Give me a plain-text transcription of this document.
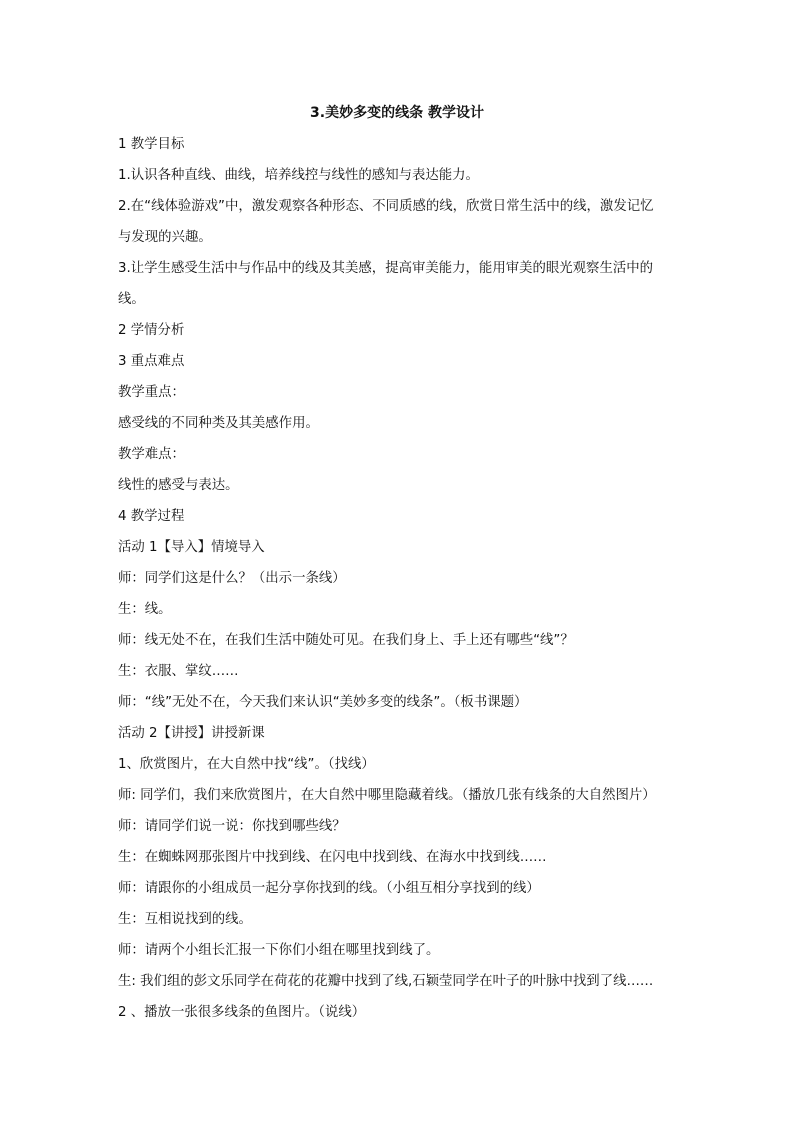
3.美妙多变的线条 教学设计
1 教学目标
1.认识各种直线、曲线，培养线控与线性的感知与表达能力。
2.在“线体验游戏”中，激发观察各种形态、不同质感的线，欣赏日常生活中的线，激发记忆
与发现的兴趣。
3.让学生感受生活中与作品中的线及其美感，提高审美能力，能用审美的眼光观察生活中的
线。
2 学情分析
3 重点难点
教学重点：
感受线的不同种类及其美感作用。
教学难点：
线性的感受与表达。
4 教学过程
活动 1【导入】情境导入
师：同学们这是什么？（出示一条线）
生：线。
师：线无处不在，在我们生活中随处可见。在我们身上、手上还有哪些“线”？
生：衣服、掌纹……
师：“线”无处不在，今天我们来认识“美妙多变的线条”。（板书课题）
活动 2【讲授】讲授新课
1、欣赏图片，在大自然中找“线”。（找线）
师: 同学们，我们来欣赏图片，在大自然中哪里隐藏着线。（播放几张有线条的大自然图片）
师：请同学们说一说：你找到哪些线？
生：在蜘蛛网那张图片中找到线、在闪电中找到线、在海水中找到线……
师：请跟你的小组成员一起分享你找到的线。（小组互相分享找到的线）
生：互相说找到的线。
师：请两个小组长汇报一下你们小组在哪里找到线了。
生: 我们组的彭文乐同学在荷花的花瓣中找到了线,石颖莹同学在叶子的叶脉中找到了线……
2 、播放一张很多线条的鱼图片。（说线）
